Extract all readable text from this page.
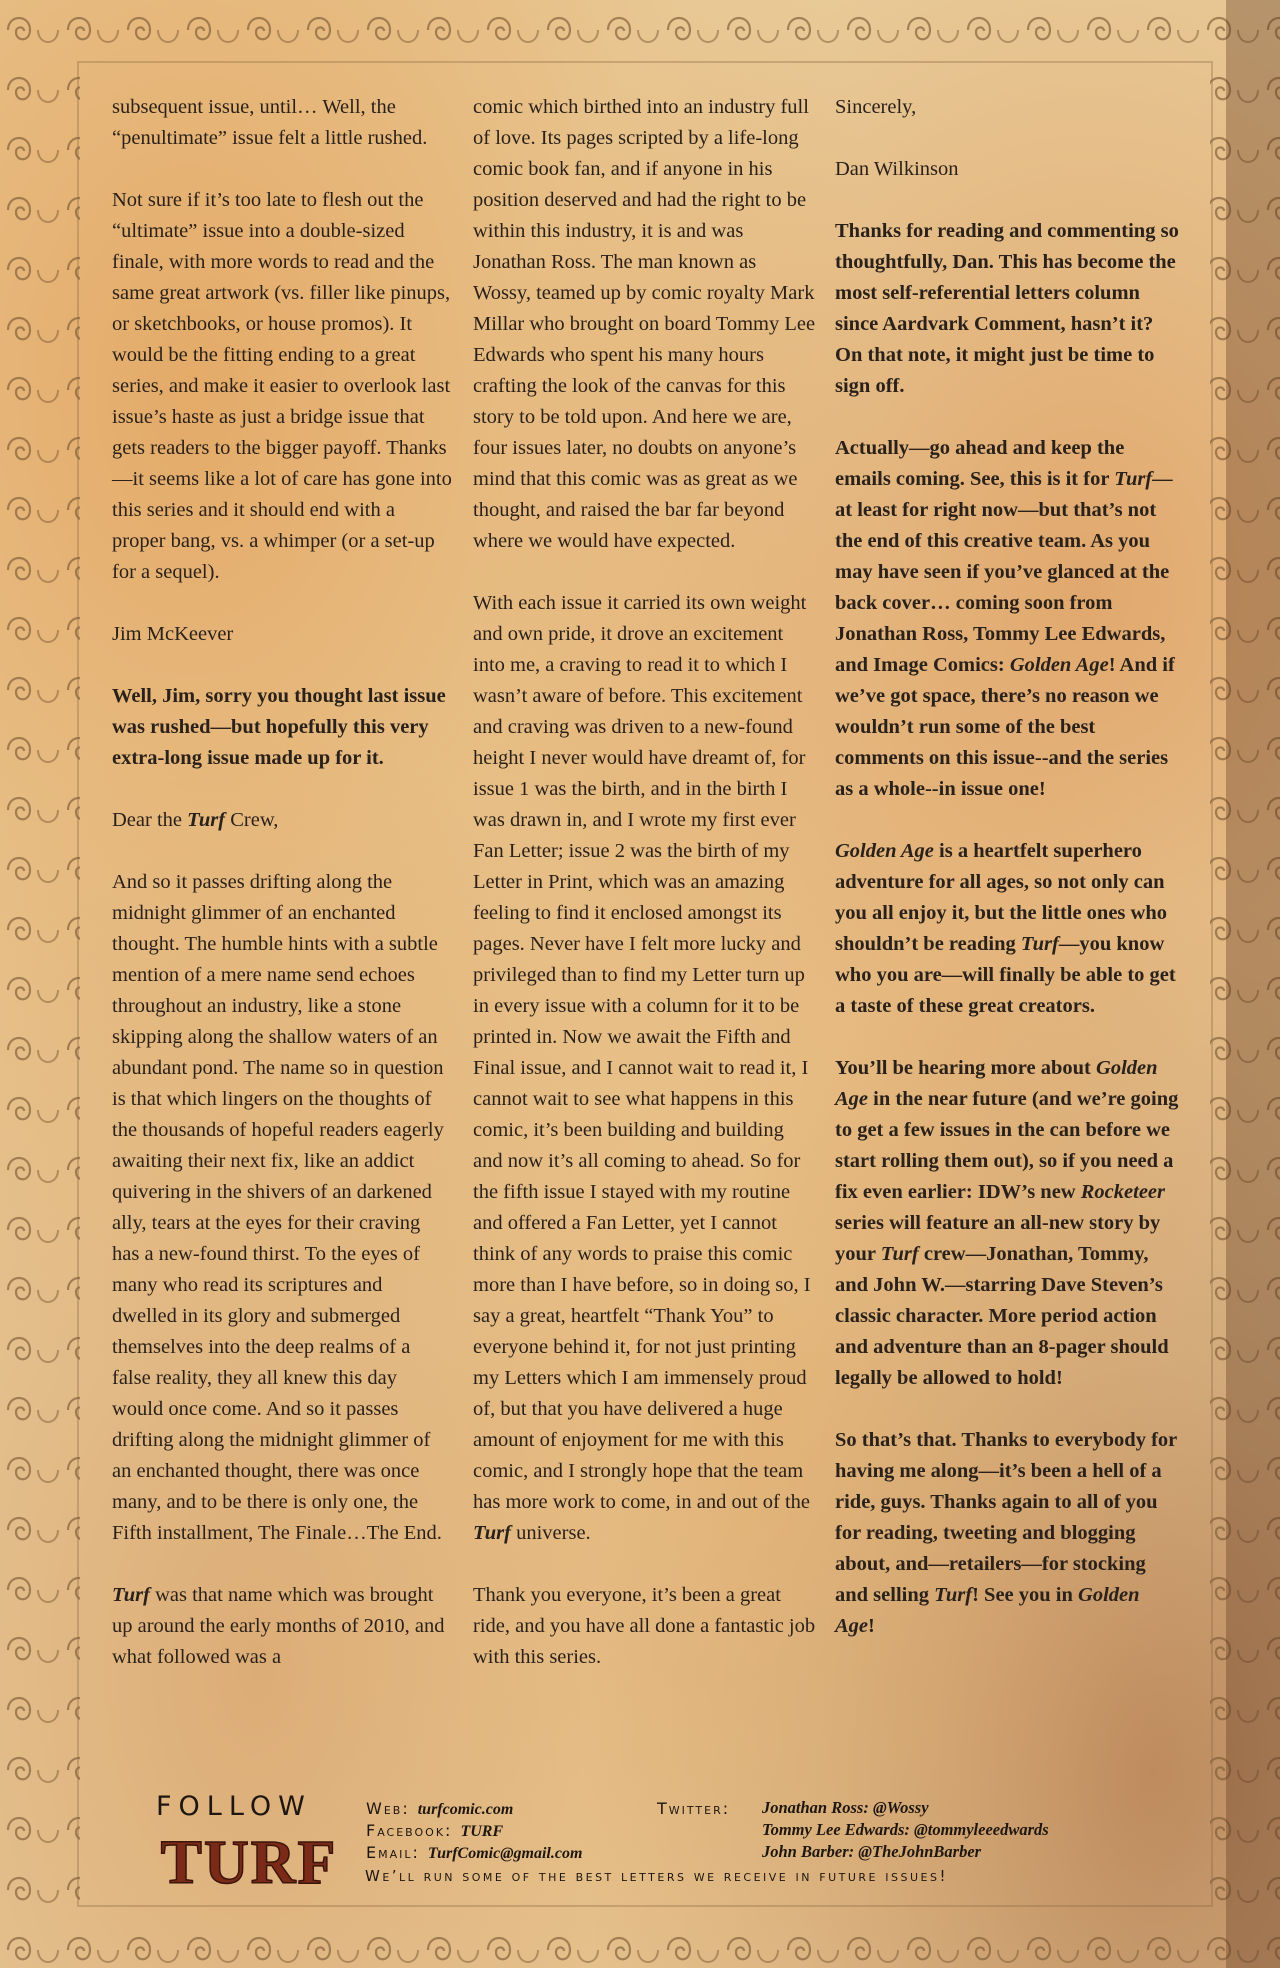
subsequent issue, until… Well, the “penultimate” issue felt a little rushed.

Not sure if it’s too late to flesh out the “ultimate” issue into a double-sized finale, with more words to read and the same great artwork (vs. filler like pinups, or sketchbooks, or house promos). It would be the fitting ending to a great series, and make it easier to overlook last issue’s haste as just a bridge issue that gets readers to the bigger payoff. Thanks—it seems like a lot of care has gone into this series and it should end with a proper bang, vs. a whimper (or a set-up for a sequel).

Jim McKeever

Well, Jim, sorry you thought last issue was rushed—but hopefully this very extra-long issue made up for it.

Dear the Turf Crew,

And so it passes drifting along the midnight glimmer of an enchanted thought. The humble hints with a subtle mention of a mere name send echoes throughout an industry, like a stone skipping along the shallow waters of an abundant pond. The name so in question is that which lingers on the thoughts of the thousands of hopeful readers eagerly awaiting their next fix, like an addict quivering in the shivers of an darkened ally, tears at the eyes for their craving has a new-found thirst. To the eyes of many who read its scriptures and dwelled in its glory and submerged themselves into the deep realms of a false reality, they all knew this day would once come. And so it passes drifting along the midnight glimmer of an enchanted thought, there was once many, and to be there is only one, the Fifth installment, The Finale…The End.

Turf was that name which was brought up around the early months of 2010, and what followed was a

comic which birthed into an industry full of love. Its pages scripted by a life-long comic book fan, and if anyone in his position deserved and had the right to be within this industry, it is and was Jonathan Ross. The man known as Wossy, teamed up by comic royalty Mark Millar who brought on board Tommy Lee Edwards who spent his many hours crafting the look of the canvas for this story to be told upon. And here we are, four issues later, no doubts on anyone’s mind that this comic was as great as we thought, and raised the bar far beyond where we would have expected.

With each issue it carried its own weight and own pride, it drove an excitement into me, a craving to read it to which I wasn’t aware of before. This excitement and craving was driven to a new-found height I never would have dreamt of, for issue 1 was the birth, and in the birth I was drawn in, and I wrote my first ever Fan Letter; issue 2 was the birth of my Letter in Print, which was an amazing feeling to find it enclosed amongst its pages. Never have I felt more lucky and privileged than to find my Letter turn up in every issue with a column for it to be printed in. Now we await the Fifth and Final issue, and I cannot wait to read it, I cannot wait to see what happens in this comic, it’s been building and building and now it’s all coming to ahead. So for the fifth issue I stayed with my routine and offered a Fan Letter, yet I cannot think of any words to praise this comic more than I have before, so in doing so, I say a great, heartfelt “Thank You” to everyone behind it, for not just printing my Letters which I am immensely proud of, but that you have delivered a huge amount of enjoyment for me with this comic, and I strongly hope that the team has more work to come, in and out of the Turf universe.

Thank you everyone, it’s been a great ride, and you have all done a fantastic job with this series.

Sincerely,

Dan Wilkinson

Thanks for reading and commenting so thoughtfully, Dan. This has become the most self-referential letters column since Aardvark Comment, hasn’t it? On that note, it might just be time to sign off.

Actually—go ahead and keep the emails coming. See, this is it for Turf—at least for right now—but that’s not the end of this creative team. As you may have seen if you’ve glanced at the back cover… coming soon from Jonathan Ross, Tommy Lee Edwards, and Image Comics: Golden Age! And if we’ve got space, there’s no reason we wouldn’t run some of the best comments on this issue--and the series as a whole--in issue one!

Golden Age is a heartfelt superhero adventure for all ages, so not only can you all enjoy it, but the little ones who shouldn’t be reading Turf—you know who you are—will finally be able to get a taste of these great creators.

You’ll be hearing more about Golden Age in the near future (and we’re going to get a few issues in the can before we start rolling them out), so if you need a fix even earlier: IDW’s new Rocketeer series will feature an all-new story by your Turf crew—Jonathan, Tommy, and John W.—starring Dave Steven’s classic character. More period action and adventure than an 8-pager should legally be allowed to hold!

So that’s that. Thanks to everybody for having me along—it’s been a hell of a ride, guys. Thanks again to all of you for reading, tweeting and blogging about, and—retailers—for stocking and selling Turf! See you in Golden Age!

FOLLOW
TURF
Web: turfcomic.com
Facebook: TURF
Email: TurfComic@gmail.com
Twitter:	Jonathan Ross: @Wossy
Tommy Lee Edwards: @tommyleeedwards
John Barber: @TheJohnBarber
We’ll run some of the best letters we receive in future issues!
